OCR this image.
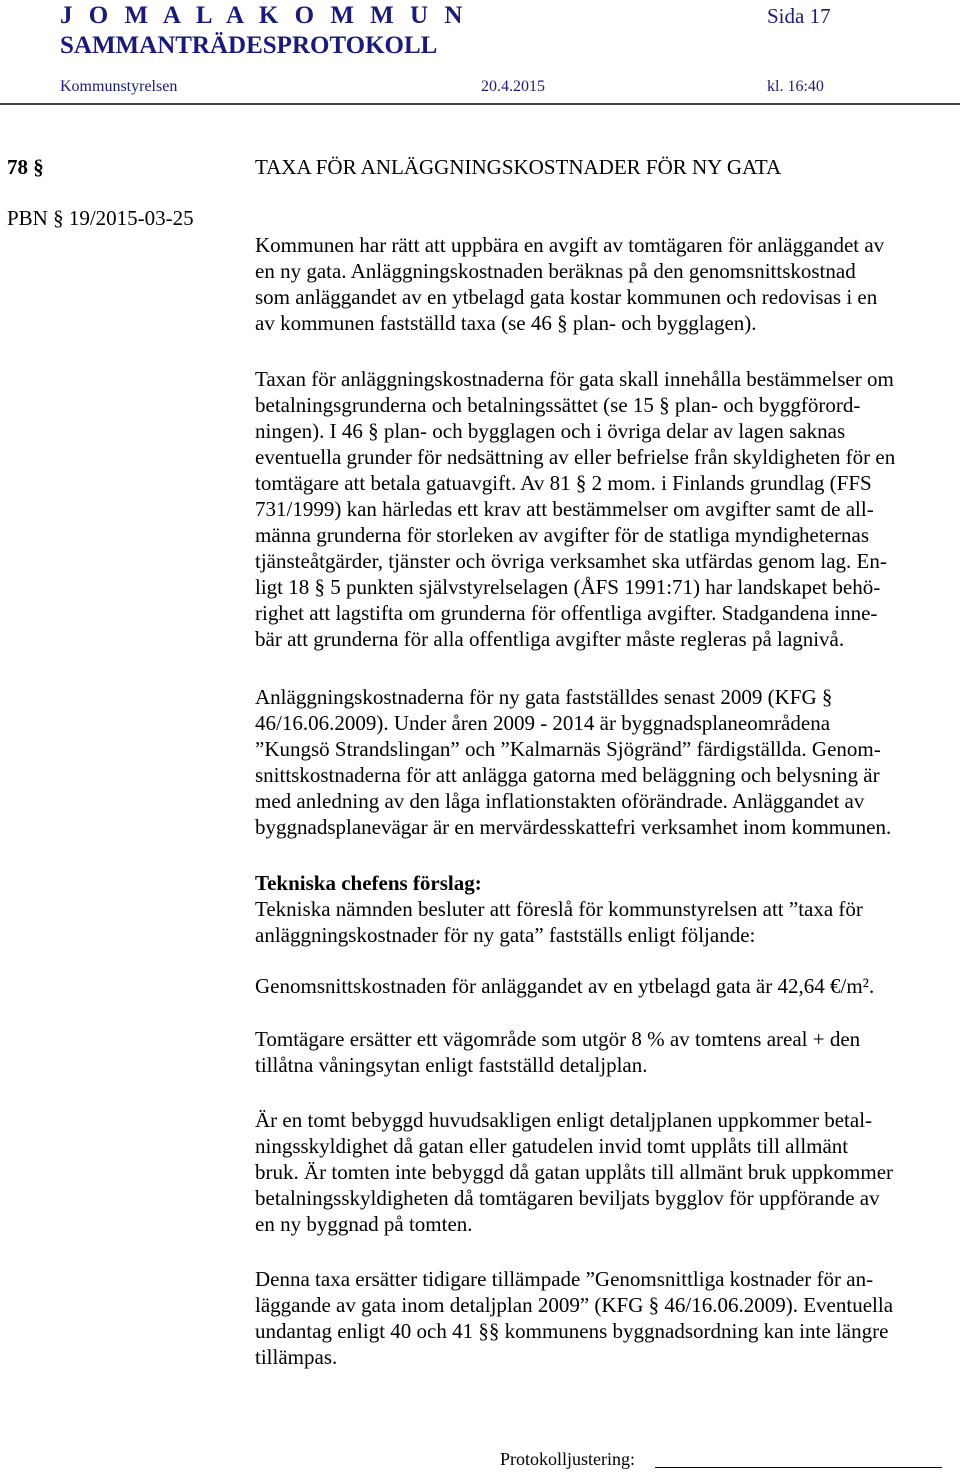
J O M A L A K O M M U N
SAMMANTRÄDESPROTOKOLL
Sida 17
Kommunstyrelsen	20.4.2015	kl. 16:40
78 §	TAXA FÖR ANLÄGGNINGSKOSTNADER FÖR NY GATA
PBN § 19/2015-03-25
Kommunen har rätt att uppbära en avgift av tomtägaren för anläggandet av
en ny gata. Anläggningskostnaden beräknas på den genomsnittskostnad
som anläggandet av en ytbelagd gata kostar kommunen och redovisas i en
av kommunen fastställd taxa (se 46 § plan- och bygglagen).
Taxan för anläggningskostnaderna för gata skall innehålla bestämmelser om
betalningsgrunderna och betalningssättet (se 15 § plan- och byggförord-
ningen). I 46 § plan- och bygglagen och i övriga delar av lagen saknas
eventuella grunder för nedsättning av eller befrielse från skyldigheten för en
tomtägare att betala gatuavgift. Av 81 § 2 mom. i Finlands grundlag (FFS
731/1999) kan härledas ett krav att bestämmelser om avgifter samt de all-
männa grunderna för storleken av avgifter för de statliga myndigheternas
tjänsteåtgärder, tjänster och övriga verksamhet ska utfärdas genom lag. En-
ligt 18 § 5 punkten självstyrelselagen (ÅFS 1991:71) har landskapet behö-
righet att lagstifta om grunderna för offentliga avgifter. Stadgandena inne-
bär att grunderna för alla offentliga avgifter måste regleras på lagnivå.
Anläggningskostnaderna för ny gata fastställdes senast 2009 (KFG §
46/16.06.2009). Under åren 2009 - 2014 är byggnadsplaneområdena
”Kungsö Strandslingan” och ”Kalmarnäs Sjögränd” färdigställda. Genom-
snittskostnaderna för att anlägga gatorna med beläggning och belysning är
med anledning av den låga inflationstakten oförändrade. Anläggandet av
byggnadsplanevägar är en mervärdesskattefri verksamhet inom kommunen.
Tekniska chefens förslag:
Tekniska nämnden besluter att föreslå för kommunstyrelsen att ”taxa för
anläggningskostnader för ny gata” fastställs enligt följande:
Genomsnittskostnaden för anläggandet av en ytbelagd gata är 42,64 €/m².
Tomtägare ersätter ett vägområde som utgör 8 % av tomtens areal + den
tillåtna våningsytan enligt fastställd detaljplan.
Är en tomt bebyggd huvudsakligen enligt detaljplanen uppkommer betal-
ningsskyldighet då gatan eller gatudelen invid tomt upplåts till allmänt
bruk. Är tomten inte bebyggd då gatan upplåts till allmänt bruk uppkommer
betalningsskyldigheten då tomtägaren beviljats bygglov för uppförande av
en ny byggnad på tomten.
Denna taxa ersätter tidigare tillämpade ”Genomsnittliga kostnader för an-
läggande av gata inom detaljplan 2009” (KFG § 46/16.06.2009). Eventuella
undantag enligt 40 och 41 §§ kommunens byggnadsordning kan inte längre
tillämpas.
Protokolljustering:
